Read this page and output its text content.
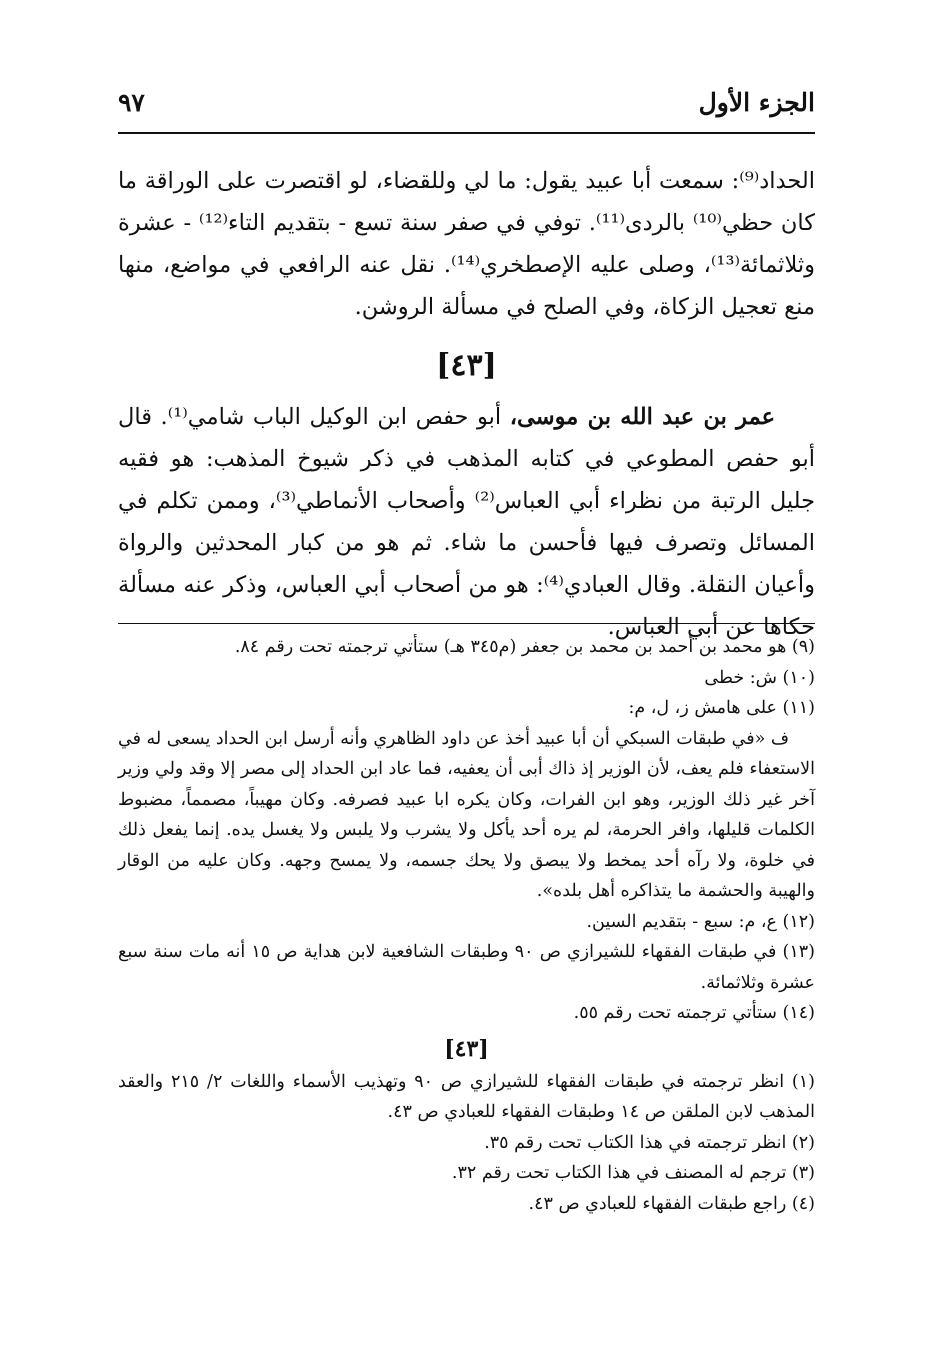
الجزء الأول
٩٧

الحداد⁽⁹⁾: سمعت أبا عبيد يقول: ما لي وللقضاء، لو اقتصرت على الوراقة ما كان حظي⁽¹⁰⁾ بالردى⁽¹¹⁾. توفي في صفر سنة تسع - بتقديم التاء⁽¹²⁾ - عشرة وثلاثمائة⁽¹³⁾، وصلى عليه الإصطخري⁽¹⁴⁾. نقل عنه الرافعي في مواضع، منها منع تعجيل الزكاة، وفي الصلح في مسألة الروشن.

[٤٣]

عمر بن عبد الله بن موسى، أبو حفص ابن الوكيل الباب شامي⁽¹⁾. قال أبو حفص المطوعي في كتابه المذهب في ذكر شيوخ المذهب: هو فقيه جليل الرتبة من نظراء أبي العباس⁽²⁾ وأصحاب الأنماطي⁽³⁾، وممن تكلم في المسائل وتصرف فيها فأحسن ما شاء. ثم هو من كبار المحدثين والرواة وأعيان النقلة. وقال العبادي⁽⁴⁾: هو من أصحاب أبي العباس، وذكر عنه مسألة حكاها عن أبي العباس.

(٩) هو محمد بن أحمد بن محمد بن جعفر (م٣٤٥ هـ) ستأتي ترجمته تحت رقم ٨٤.

(١٠) ش: خطى

(١١) على هامش ز، ل، م:

ف «في طبقات السبكي أن أبا عبيد أخذ عن داود الظاهري وأنه أرسل ابن الحداد يسعى له في الاستعفاء فلم يعف، لأن الوزير إذ ذاك أبى أن يعفيه، فما عاد ابن الحداد إلى مصر إلا وقد ولي وزير آخر غير ذلك الوزير، وهو ابن الفرات، وكان يكره ابا عبيد فصرفه. وكان مهيباً، مصمماً، مضبوط الكلمات قليلها، وافر الحرمة، لم يره أحد يأكل ولا يشرب ولا يلبس ولا يغسل يده. إنما يفعل ذلك في خلوة، ولا رآه أحد يمخط ولا يبصق ولا يحك جسمه، ولا يمسح وجهه. وكان عليه من الوقار والهيبة والحشمة ما يتذاكره أهل بلده».

(١٢) ع، م: سبع - بتقديم السين.

(١٣) في طبقات الفقهاء للشيرازي ص ٩٠ وطبقات الشافعية لابن هداية ص ١٥ أنه مات سنة سبع عشرة وثلاثمائة.

(١٤) ستأتي ترجمته تحت رقم ٥٥.

[٤٣]

(١) انظر ترجمته في طبقات الفقهاء للشيرازي ص ٩٠ وتهذيب الأسماء واللغات ٢/ ٢١٥ والعقد المذهب لابن الملقن ص ١٤ وطبقات الفقهاء للعبادي ص ٤٣.

(٢) انظر ترجمته في هذا الكتاب تحت رقم ٣٥.

(٣) ترجم له المصنف في هذا الكتاب تحت رقم ٣٢.

(٤) راجع طبقات الفقهاء للعبادي ص ٤٣.
